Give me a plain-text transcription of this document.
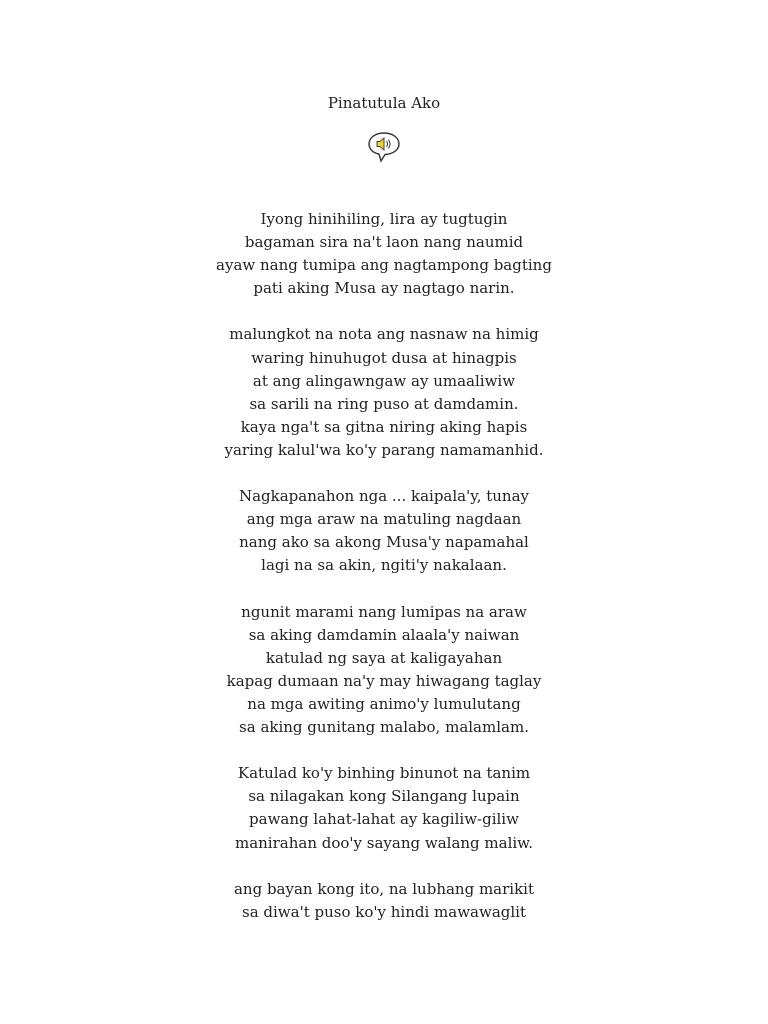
Pinatutula Ako
Iyong hinihiling, lira ay tugtugin
bagaman sira na't laon nang naumid
ayaw nang tumipa ang nagtampong bagting
pati aking Musa ay nagtago narin.
malungkot na nota ang nasnaw na himig
waring hinuhugot dusa at hinagpis
at ang alingawngaw ay umaaliwiw
sa sarili na ring puso at damdamin.
kaya nga't sa gitna niring aking hapis
yaring kalul'wa ko'y parang namamanhid.
Nagkapanahon nga ... kaipala'y, tunay
ang mga araw na matuling nagdaan
nang ako sa akong Musa'y napamahal
lagi na sa akin, ngiti'y nakalaan.
ngunit marami nang lumipas na araw
sa aking damdamin alaala'y naiwan
katulad ng saya at kaligayahan
kapag dumaan na'y may hiwagang taglay
na mga awiting animo'y lumulutang
sa aking gunitang malabo, malamlam.
Katulad ko'y binhing binunot na tanim
sa nilagakan kong Silangang lupain
pawang lahat-lahat ay kagiliw-giliw
manirahan doo'y sayang walang maliw.
ang bayan kong ito, na lubhang marikit
sa diwa't puso ko'y hindi mawawaglit
